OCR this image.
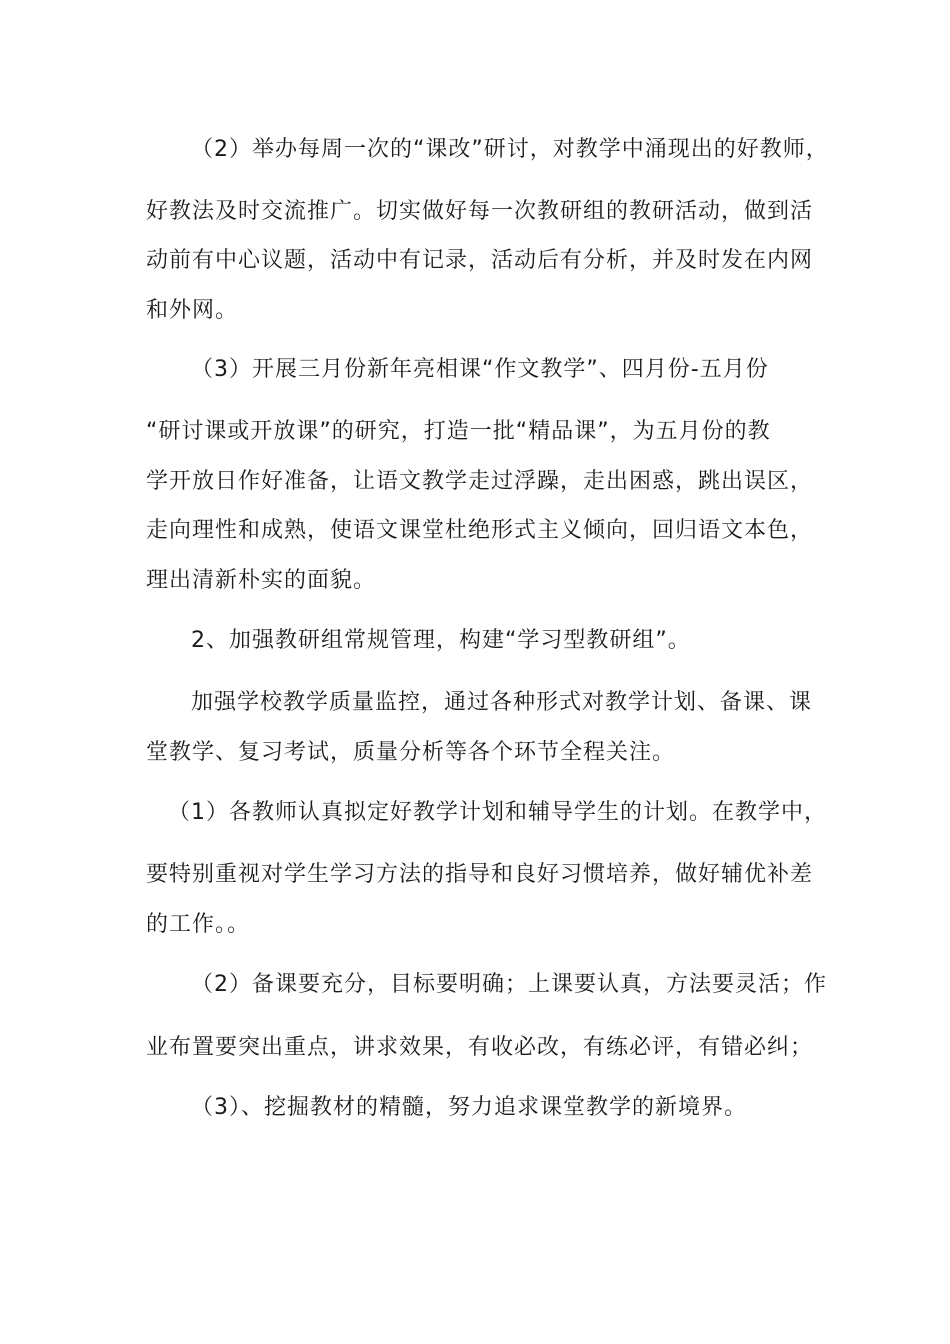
（2）举办每周一次的“课改”研讨，对教学中涌现出的好教师，
好教法及时交流推广。切实做好每一次教研组的教研活动，做到活
动前有中心议题，活动中有记录，活动后有分析，并及时发在内网
和外网。
（3）开展三月份新年亮相课“作文教学”、四月份-五月份
“研讨课或开放课”的研究，打造一批“精品课”，为五月份的教
学开放日作好准备，让语文教学走过浮躁，走出困惑，跳出误区，
走向理性和成熟，使语文课堂杜绝形式主义倾向，回归语文本色，
理出清新朴实的面貌。
2、加强教研组常规管理，构建“学习型教研组”。
加强学校教学质量监控，通过各种形式对教学计划、备课、课
堂教学、复习考试，质量分析等各个环节全程关注。
（1）各教师认真拟定好教学计划和辅导学生的计划。在教学中，
要特别重视对学生学习方法的指导和良好习惯培养，做好辅优补差
的工作。。
（2）备课要充分，目标要明确；上课要认真，方法要灵活；作
业布置要突出重点，讲求效果，有收必改，有练必评，有错必纠；
（3）、挖掘教材的精髓，努力追求课堂教学的新境界。
